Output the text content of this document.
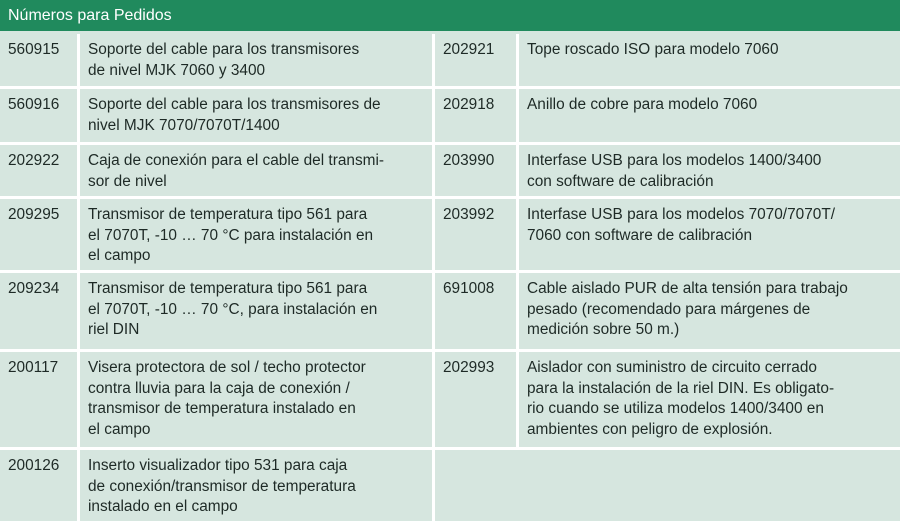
Números para Pedidos
560915	Soporte del cable para los transmisores
de nivel MJK 7060 y 3400
202921	Tope roscado ISO para modelo 7060
560916	Soporte del cable para los transmisores de
nivel MJK 7070/7070T/1400
202918	Anillo de cobre para modelo 7060
202922	Caja de conexión para el cable del transmi-
sor de nivel
203990	Interfase USB para los modelos 1400/3400
con software de calibración
209295	Transmisor de temperatura tipo 561 para
el 7070T, -10 … 70 °C para instalación en
el campo
203992	Interfase USB para los modelos 7070/7070T/
7060 con software de calibración
209234	Transmisor de temperatura tipo 561 para
el 7070T, -10 … 70 °C, para instalación en
riel DIN
691008	Cable aislado PUR de alta tensión para trabajo
pesado (recomendado para márgenes de
medición sobre 50 m.)
200117	Visera protectora de sol / techo protector
contra lluvia para la caja de conexión /
transmisor de temperatura instalado en
el campo
202993	Aislador con suministro de circuito cerrado
para la instalación de la riel DIN. Es obligato-
rio cuando se utiliza modelos 1400/3400 en
ambientes con peligro de explosión.
200126	Inserto visualizador tipo 531 para caja
de conexión/transmisor de temperatura
instalado en el campo
